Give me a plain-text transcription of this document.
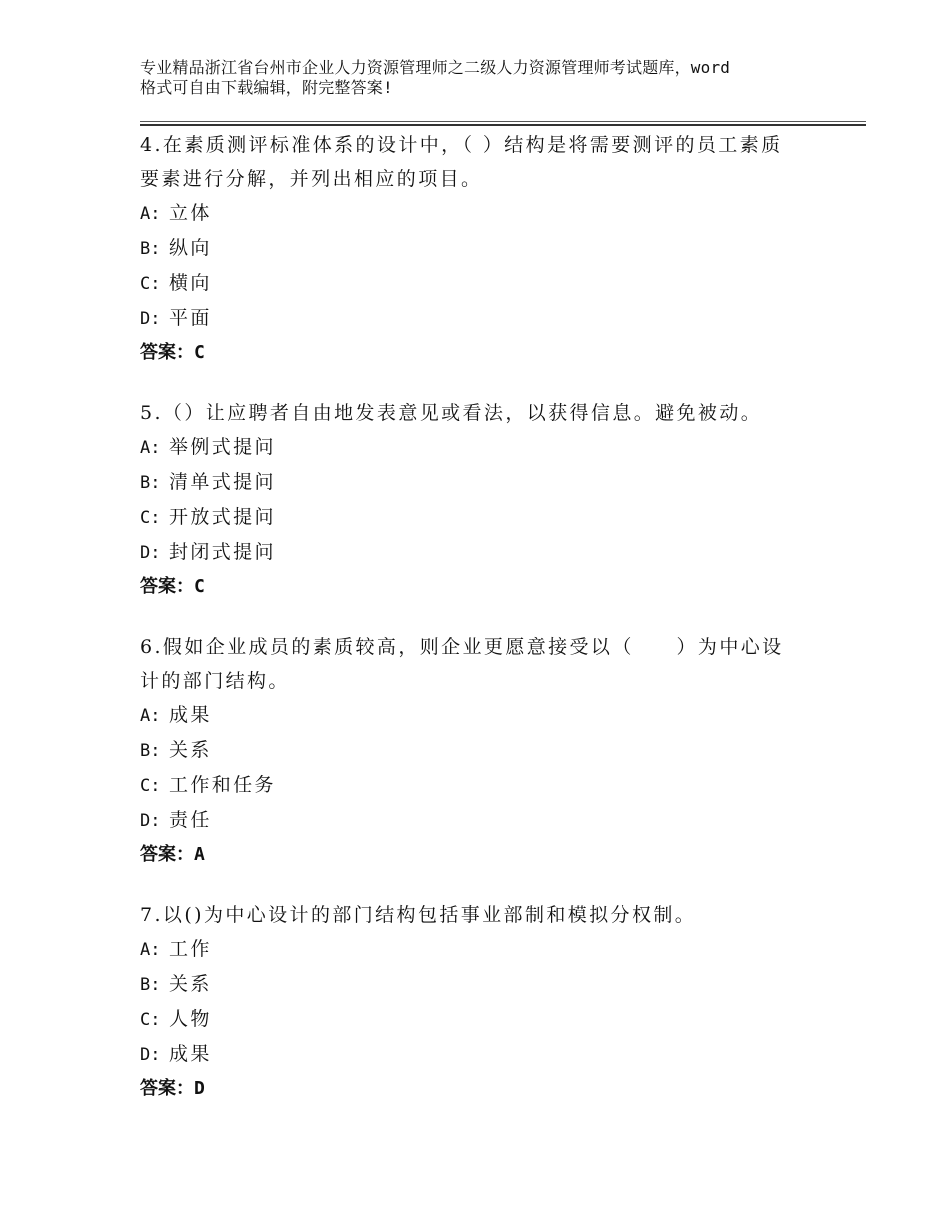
专业精品浙江省台州市企业人力资源管理师之二级人力资源管理师考试题库，word
格式可自由下载编辑，附完整答案!
4.在素质测评标准体系的设计中，（ ）结构是将需要测评的员工素质要素进行分解，并列出相应的项目。
A: 立体
B: 纵向
C: 横向
D: 平面
答案：C
5.（）让应聘者自由地发表意见或看法，以获得信息。避免被动。
A: 举例式提问
B: 清单式提问
C: 开放式提问
D: 封闭式提问
答案：C
6.假如企业成员的素质较高，则企业更愿意接受以（　　）为中心设计的部门结构。
A: 成果
B: 关系
C: 工作和任务
D: 责任
答案：A
7.以()为中心设计的部门结构包括事业部制和模拟分权制。
A: 工作
B: 关系
C: 人物
D: 成果
答案：D
